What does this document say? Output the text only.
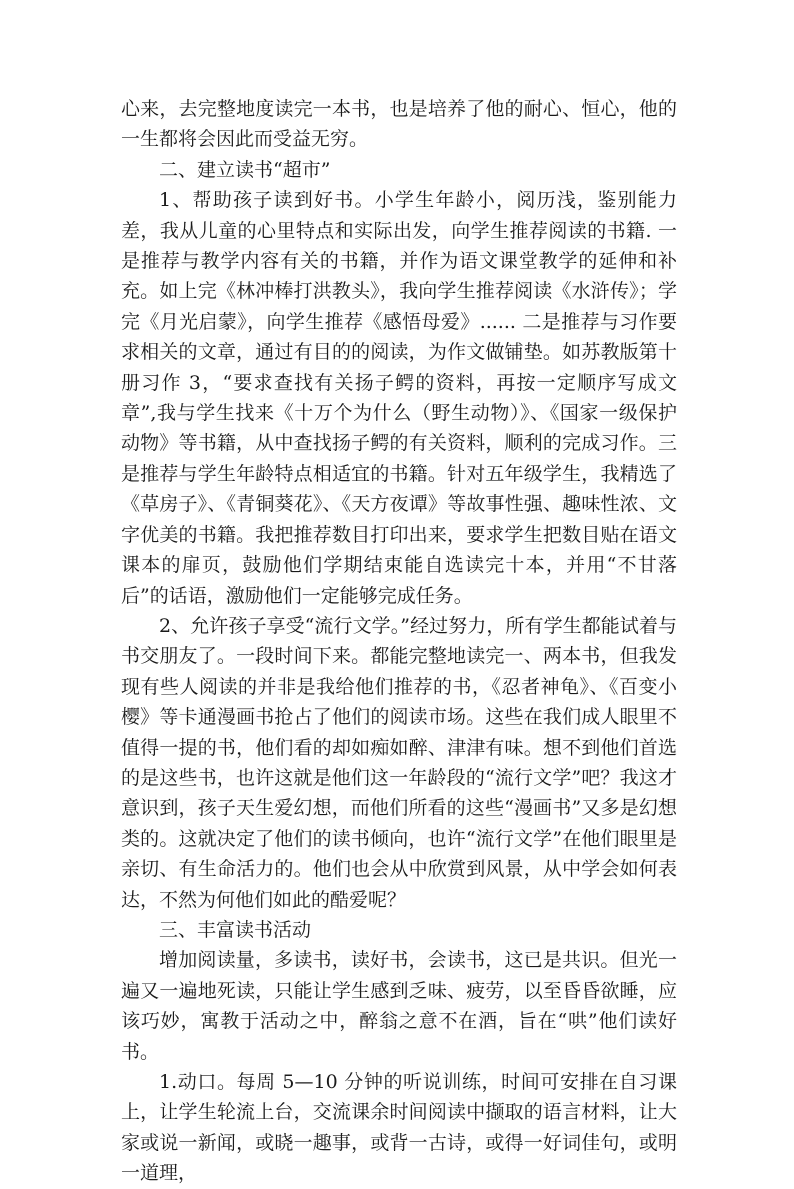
心来，去完整地度读完一本书，也是培养了他的耐心、恒心，他的一生都将会因此而受益无穷。

二、建立读书“超市”

1、帮助孩子读到好书。小学生年龄小，阅历浅，鉴别能力差，我从儿童的心里特点和实际出发，向学生推荐阅读的书籍. 一是推荐与教学内容有关的书籍，并作为语文课堂教学的延伸和补充。如上完《林冲棒打洪教头》，我向学生推荐阅读《水浒传》；学完《月光启蒙》，向学生推荐《感悟母爱》...... 二是推荐与习作要求相关的文章，通过有目的的阅读，为作文做铺垫。如苏教版第十册习作 3，“要求查找有关扬子鳄的资料，再按一定顺序写成文章”,我与学生找来《十万个为什么（野生动物）》、《国家一级保护动物》等书籍，从中查找扬子鳄的有关资料，顺利的完成习作。三是推荐与学生年龄特点相适宜的书籍。针对五年级学生，我精选了《草房子》、《青铜葵花》、《天方夜谭》等故事性强、趣味性浓、文字优美的书籍。我把推荐数目打印出来，要求学生把数目贴在语文课本的扉页，鼓励他们学期结束能自选读完十本，并用“不甘落后”的话语，激励他们一定能够完成任务。

2、允许孩子享受“流行文学。”经过努力，所有学生都能试着与书交朋友了。一段时间下来。都能完整地读完一、两本书，但我发现有些人阅读的并非是我给他们推荐的书，《忍者神龟》、《百变小樱》等卡通漫画书抢占了他们的阅读市场。这些在我们成人眼里不值得一提的书，他们看的却如痴如醉、津津有味。想不到他们首选的是这些书，也许这就是他们这一年龄段的“流行文学”吧？我这才意识到，孩子天生爱幻想，而他们所看的这些“漫画书”又多是幻想类的。这就决定了他们的读书倾向，也许“流行文学”在他们眼里是亲切、有生命活力的。他们也会从中欣赏到风景，从中学会如何表达，不然为何他们如此的酷爱呢？

三、丰富读书活动

增加阅读量，多读书，读好书，会读书，这已是共识。但光一遍又一遍地死读，只能让学生感到乏味、疲劳，以至昏昏欲睡，应该巧妙，寓教于活动之中，醉翁之意不在酒，旨在“哄”他们读好书。

1.动口。每周 5—10 分钟的听说训练，时间可安排在自习课上，让学生轮流上台，交流课余时间阅读中撷取的语言材料，让大家或说一新闻，或晓一趣事，或背一古诗，或得一好词佳句，或明一道理，
